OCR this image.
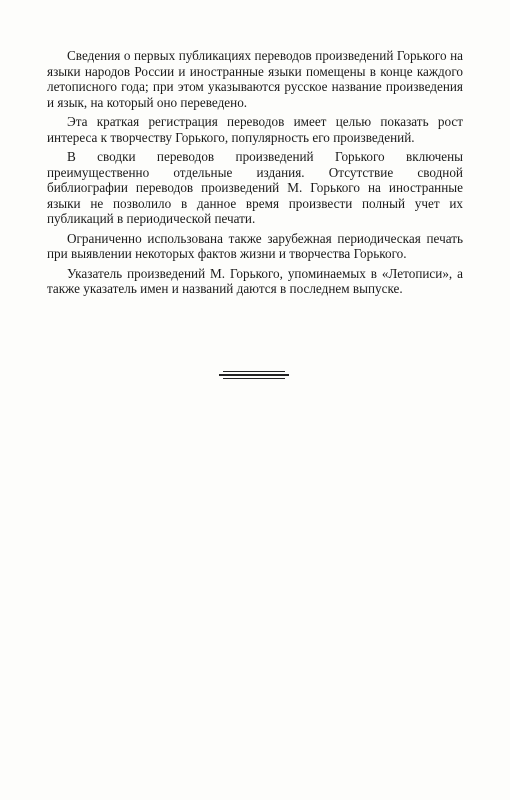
Сведения о первых публикациях переводов произведений Горького на языки народов России и иностранные языки помещены в конце каждого летописного года; при этом указываются русское название произведения и язык, на который оно переведено.

Эта краткая регистрация переводов имеет целью показать рост интереса к творчеству Горького, популярность его произведений.

В сводки переводов произведений Горького включены преимущественно отдельные издания. Отсутствие сводной библиографии переводов произведений М. Горького на иностранные языки не позволило в данное время произвести полный учет их публикаций в периодической печати.

Ограниченно использована также зарубежная периодическая печать при выявлении некоторых фактов жизни и творчества Горького.

Указатель произведений М. Горького, упоминаемых в «Летописи», а также указатель имен и названий даются в последнем выпуске.
